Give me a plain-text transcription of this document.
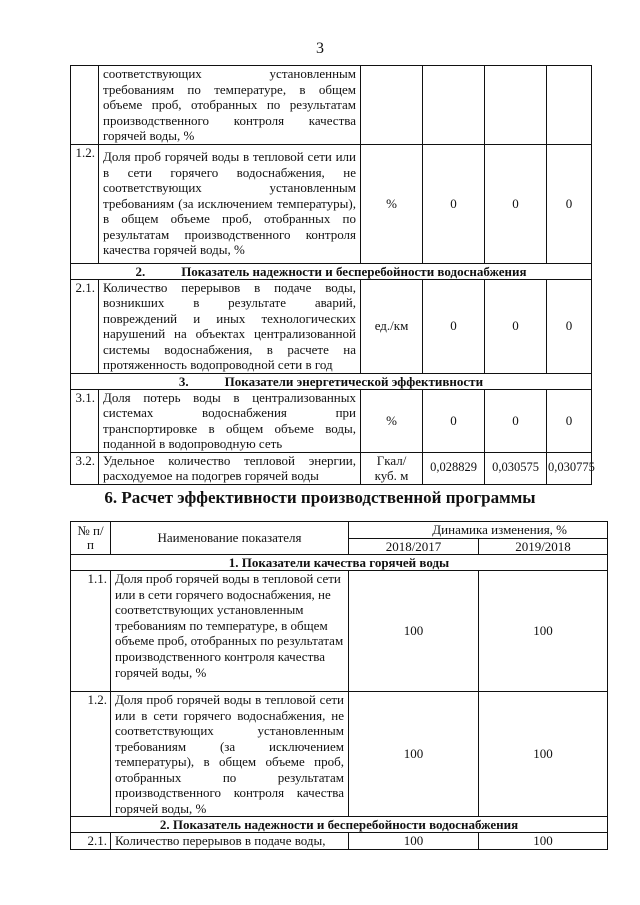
3
	соответствующих установленным требованиям по температуре, в общем объеме проб, отобранных по результатам производственного контроля качества горячей воды, %				
1.2.	Доля проб горячей воды в тепловой сети или в сети горячего водоснабжения, не соответствующих установленным требованиям (за исключением температуры), в общем объеме проб, отобранных по результатам производственного контроля качества горячей воды, %	%	0	0	0
2. Показатель надежности и бесперебойности водоснабжения					
2.1.	Количество перерывов в подаче воды, возникших в результате аварий, повреждений и иных технологических нарушений на объектах централизованной системы водоснабжения, в расчете на протяженность водопроводной сети в год	ед./км	0	0	0
3. Показатели энергетической эффективности					
3.1.	Доля потерь воды в централизованных системах водоснабжения при транспортировке в общем объеме воды, поданной в водопроводную сеть	%	0	0	0
3.2.	Удельное количество тепловой энергии, расходуемое на подогрев горячей воды	Гкал/ куб. м	0,028829	0,030575	0,030775
6. Расчет эффективности производственной программы
№ п/п	Наименование показателя	Динамика изменения, %	
		2018/2017	2019/2018
1. Показатели качества горячей воды			
1.1.	Доля проб горячей воды в тепловой сети или в сети горячего водоснабжения, не соответствующих установленным требованиям по температуре, в общем объеме проб, отобранных по результатам производственного контроля качества горячей воды, %	100	100
1.2.	Доля проб горячей воды в тепловой сети или в сети горячего водоснабжения, не соответствующих установленным требованиям (за исключением температуры), в общем объеме проб, отобранных по результатам производственного контроля качества горячей воды, %	100	100
2. Показатель надежности и бесперебойности водоснабжения			
2.1.	Количество перерывов в подаче воды,	100	100
